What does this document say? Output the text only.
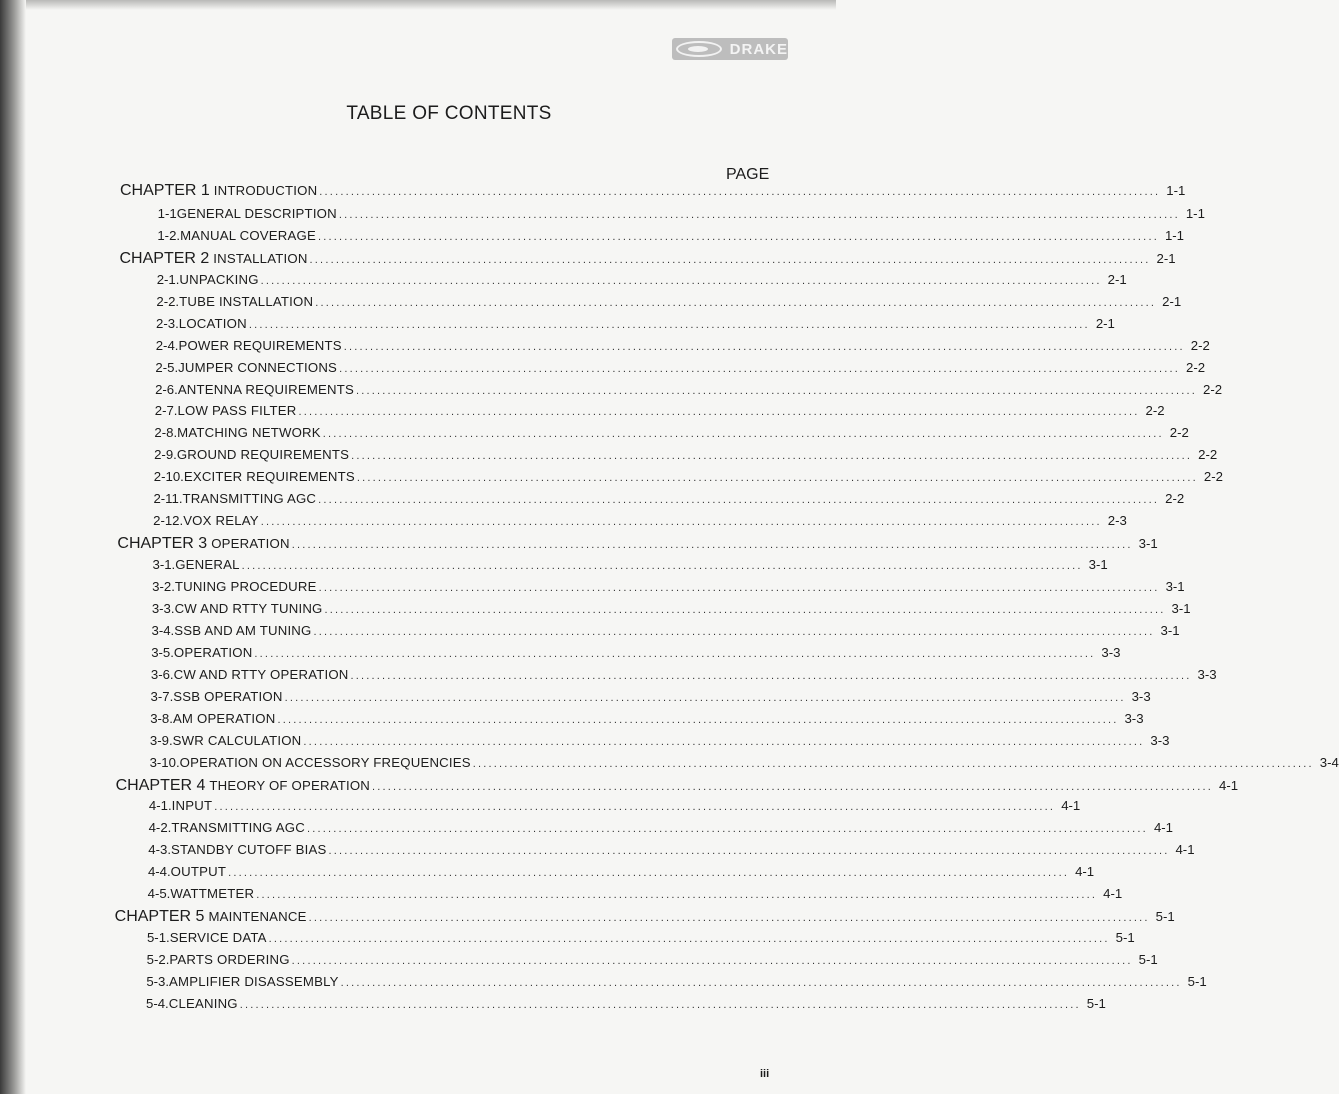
DRAKE
TABLE OF CONTENTS
PAGE
CHAPTER 1 INTRODUCTION ................................................................................................................................................................ 1-1
1-1 GENERAL DESCRIPTION ................................................................................................................................................................ 1-1
1-2. MANUAL COVERAGE ................................................................................................................................................................ 1-1
CHAPTER 2 INSTALLATION ................................................................................................................................................................ 2-1
2-1. UNPACKING ................................................................................................................................................................ 2-1
2-2. TUBE INSTALLATION ................................................................................................................................................................ 2-1
2-3. LOCATION ................................................................................................................................................................ 2-1
2-4. POWER REQUIREMENTS ................................................................................................................................................................ 2-2
2-5. JUMPER CONNECTIONS ................................................................................................................................................................ 2-2
2-6. ANTENNA REQUIREMENTS ................................................................................................................................................................ 2-2
2-7. LOW PASS FILTER ................................................................................................................................................................ 2-2
2-8. MATCHING NETWORK ................................................................................................................................................................ 2-2
2-9. GROUND REQUIREMENTS ................................................................................................................................................................ 2-2
2-10. EXCITER REQUIREMENTS ................................................................................................................................................................ 2-2
2-11. TRANSMITTING AGC ................................................................................................................................................................ 2-2
2-12. VOX RELAY ................................................................................................................................................................ 2-3
CHAPTER 3 OPERATION ................................................................................................................................................................ 3-1
3-1. GENERAL ................................................................................................................................................................ 3-1
3-2. TUNING PROCEDURE ................................................................................................................................................................ 3-1
3-3. CW AND RTTY TUNING ................................................................................................................................................................ 3-1
3-4. SSB AND AM TUNING ................................................................................................................................................................ 3-1
3-5. OPERATION ................................................................................................................................................................ 3-3
3-6. CW AND RTTY OPERATION ................................................................................................................................................................ 3-3
3-7. SSB OPERATION ................................................................................................................................................................ 3-3
3-8. AM OPERATION ................................................................................................................................................................ 3-3
3-9. SWR CALCULATION ................................................................................................................................................................ 3-3
3-10. OPERATION ON ACCESSORY FREQUENCIES ................................................................................................................................................................ 3-4
CHAPTER 4 THEORY OF OPERATION ................................................................................................................................................................ 4-1
4-1. INPUT ................................................................................................................................................................ 4-1
4-2. TRANSMITTING AGC ................................................................................................................................................................ 4-1
4-3. STANDBY CUTOFF BIAS ................................................................................................................................................................ 4-1
4-4. OUTPUT ................................................................................................................................................................ 4-1
4-5. WATTMETER ................................................................................................................................................................ 4-1
CHAPTER 5 MAINTENANCE ................................................................................................................................................................ 5-1
5-1. SERVICE DATA ................................................................................................................................................................ 5-1
5-2. PARTS ORDERING ................................................................................................................................................................ 5-1
5-3. AMPLIFIER DISASSEMBLY ................................................................................................................................................................ 5-1
5-4. CLEANING ................................................................................................................................................................ 5-1
iii
